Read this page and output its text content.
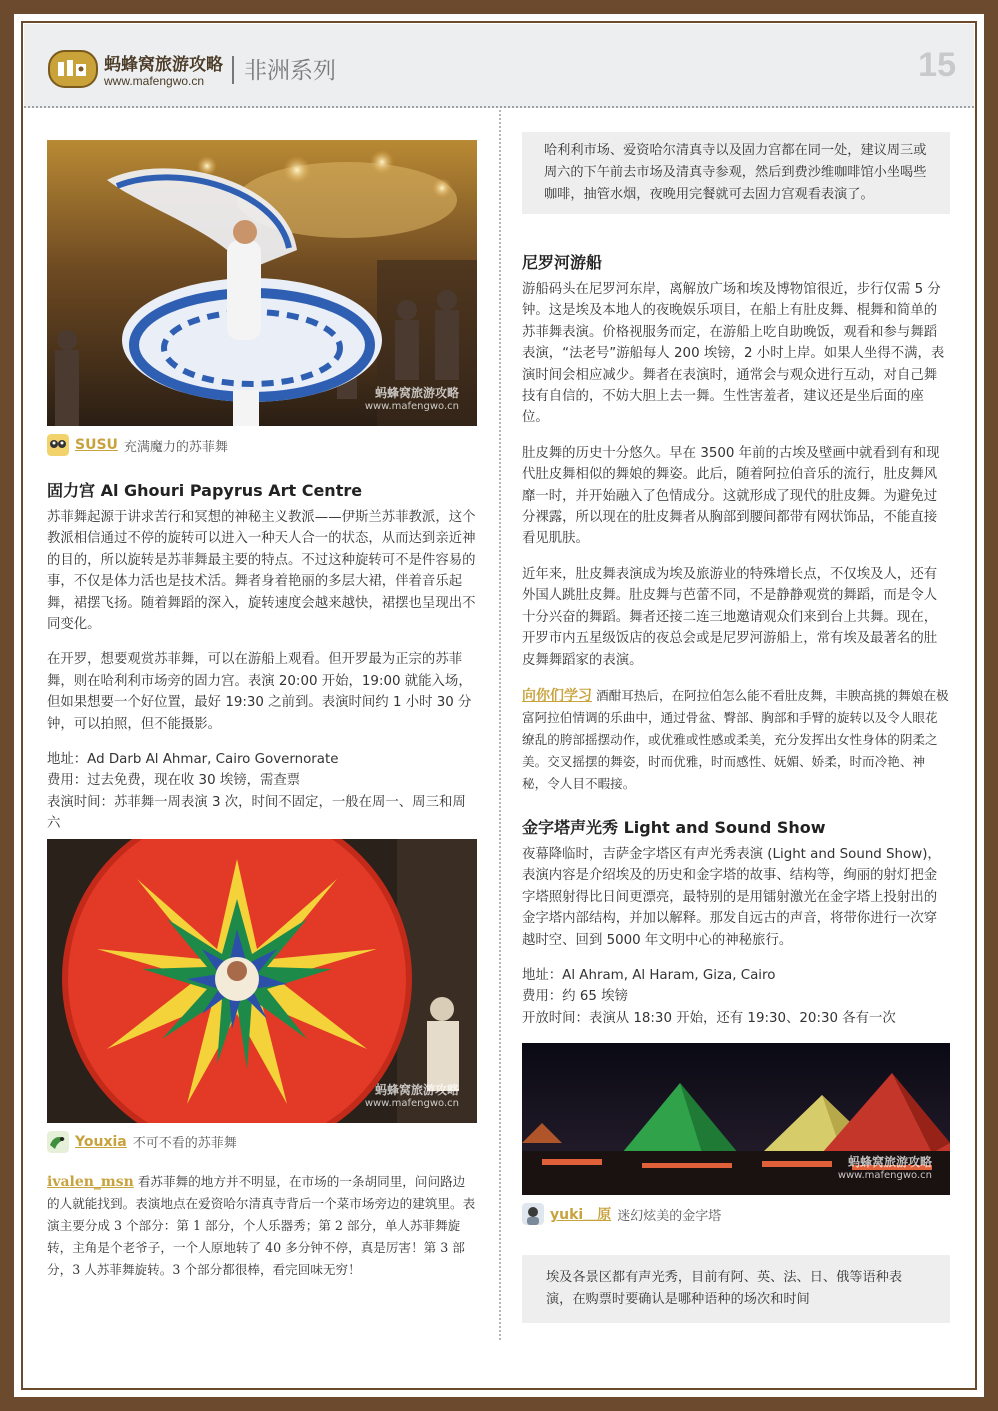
蚂蜂窝旅游攻略
www.mafengwo.cn 非洲系列	15
蚂蜂窝旅游攻略
www.mafengwo.cn
SUSU 充满魔力的苏菲舞
固力宫 Al Ghouri Papyrus Art Centre

苏菲舞起源于讲求苦行和冥想的神秘主义教派——伊斯兰苏菲教派，这个教派相信通过不停的旋转可以进入一种天人合一的状态，从而达到亲近神的目的，所以旋转是苏菲舞最主要的特点。不过这种旋转可不是件容易的事，不仅是体力活也是技术活。舞者身着艳丽的多层大裙，伴着音乐起舞，裙摆飞扬。随着舞蹈的深入，旋转速度会越来越快，裙摆也呈现出不同变化。

在开罗，想要观赏苏菲舞，可以在游船上观看。但开罗最为正宗的苏菲舞，则在哈利利市场旁的固力宫。表演 20:00 开始，19:00 就能入场，但如果想要一个好位置，最好 19:30 之前到。表演时间约 1 小时 30 分钟，可以拍照，但不能摄影。

地址：Ad Darb Al Ahmar, Cairo Governorate

费用：过去免费，现在收 30 埃镑，需查票

表演时间：苏菲舞一周表演 3 次，时间不固定，一般在周一、周三和周六

蚂蜂窝旅游攻略
www.mafengwo.cn
Youxia 不可不看的苏菲舞

ivalen_msn 看苏菲舞的地方并不明显，在市场的一条胡同里，问问路边的人就能找到。表演地点在爱资哈尔清真寺背后一个菜市场旁边的建筑里。表演主要分成 3 个部分：第 1 部分，个人乐器秀；第 2 部分，单人苏菲舞旋转，主角是个老爷子，一个人原地转了 40 多分钟不停，真是厉害！第 3 部分，3 人苏菲舞旋转。3 个部分都很棒，看完回味无穷！

哈利利市场、爱资哈尔清真寺以及固力宫都在同一处，建议周三或周六的下午前去市场及清真寺参观，然后到费沙维咖啡馆小坐喝些咖啡，抽管水烟，夜晚用完餐就可去固力宫观看表演了。
尼罗河游船

游船码头在尼罗河东岸，离解放广场和埃及博物馆很近，步行仅需 5 分钟。这是埃及本地人的夜晚娱乐项目，在船上有肚皮舞、棍舞和简单的苏菲舞表演。价格视服务而定，在游船上吃自助晚饭，观看和参与舞蹈表演，“法老号”游船每人 200 埃镑，2 小时上岸。如果人坐得不满，表演时间会相应减少。舞者在表演时，通常会与观众进行互动，对自己舞技有自信的，不妨大胆上去一舞。生性害羞者，建议还是坐后面的座位。

肚皮舞的历史十分悠久。早在 3500 年前的古埃及壁画中就看到有和现代肚皮舞相似的舞娘的舞姿。此后，随着阿拉伯音乐的流行，肚皮舞风靡一时，并开始融入了色情成分。这就形成了现代的肚皮舞。为避免过分裸露，所以现在的肚皮舞者从胸部到腰间都带有网状饰品，不能直接看见肌肤。

近年来，肚皮舞表演成为埃及旅游业的特殊增长点，不仅埃及人，还有外国人跳肚皮舞。肚皮舞与芭蕾不同，不是静静观赏的舞蹈，而是令人十分兴奋的舞蹈。舞者还接二连三地邀请观众们来到台上共舞。现在，开罗市内五星级饭店的夜总会或是尼罗河游船上，常有埃及最著名的肚皮舞舞蹈家的表演。

向你们学习 酒酣耳热后，在阿拉伯怎么能不看肚皮舞，丰腴高挑的舞娘在极富阿拉伯情调的乐曲中，通过骨盆、臀部、胸部和手臂的旋转以及令人眼花缭乱的胯部摇摆动作，或优雅或性感或柔美，充分发挥出女性身体的阴柔之美。交叉摇摆的舞姿，时而优雅，时而感性、妩媚、娇柔，时而冷艳、神秘，令人目不暇接。

金字塔声光秀 Light and Sound Show

夜幕降临时，吉萨金字塔区有声光秀表演 (Light and Sound Show)，表演内容是介绍埃及的历史和金字塔的故事、结构等，绚丽的射灯把金字塔照射得比日间更漂亮，最特别的是用镭射激光在金字塔上投射出的金字塔内部结构，并加以解释。那发自远古的声音，将带你进行一次穿越时空、回到 5000 年文明中心的神秘旅行。

地址：Al Ahram, Al Haram, Giza, Cairo

费用：约 65 埃镑

开放时间：表演从 18:30 开始，还有 19:30、20:30 各有一次

蚂蜂窝旅游攻略
www.mafengwo.cn
yuki＿原 迷幻炫美的金字塔
埃及各景区都有声光秀，目前有阿、英、法、日、俄等语种表演，在购票时要确认是哪种语种的场次和时间
